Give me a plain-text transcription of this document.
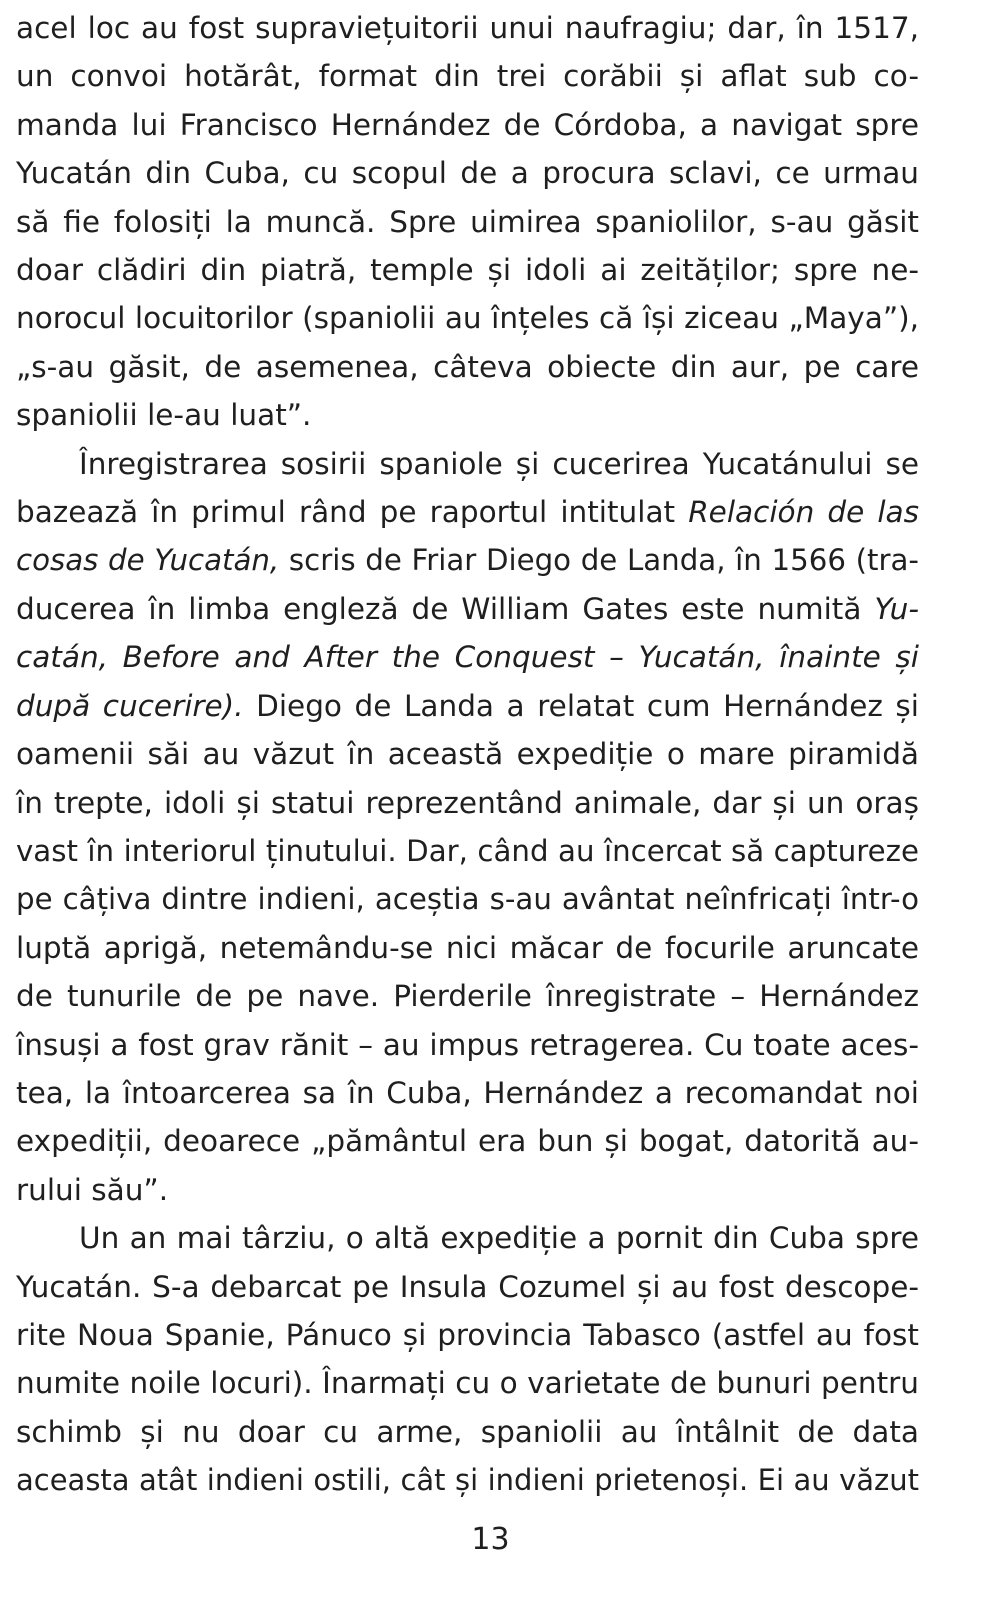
acel loc au fost supraviețuitorii unui naufragiu; dar, în 1517,
un convoi hotărât, format din trei corăbii și aflat sub co-
manda lui Francisco Hernández de Córdoba, a navigat spre
Yucatán din Cuba, cu scopul de a procura sclavi, ce urmau
să fie folosiți la muncă. Spre uimirea spaniolilor, s-au găsit
doar clădiri din piatră, temple și idoli ai zeităților; spre ne-
norocul locuitorilor (spaniolii au înțeles că își ziceau „Maya”),
„s-au găsit, de asemenea, câteva obiecte din aur, pe care
spaniolii le-au luat”.

Înregistrarea sosirii spaniole și cucerirea Yucatánului se
bazează în primul rând pe raportul intitulat Relación de las
cosas de Yucatán, scris de Friar Diego de Landa, în 1566 (tra-
ducerea în limba engleză de William Gates este numită Yu-
catán, Before and After the Conquest – Yucatán, înainte și
după cucerire). Diego de Landa a relatat cum Hernández și
oamenii săi au văzut în această expediție o mare piramidă
în trepte, idoli și statui reprezentând animale, dar și un oraș
vast în interiorul ținutului. Dar, când au încercat să captureze
pe câțiva dintre indieni, aceștia s-au avântat neînfricați într-o
luptă aprigă, netemându-se nici măcar de focurile aruncate
de tunurile de pe nave. Pierderile înregistrate – Hernández
însuși a fost grav rănit – au impus retragerea. Cu toate aces-
tea, la întoarcerea sa în Cuba, Hernández a recomandat noi
expediții, deoarece „pământul era bun și bogat, datorită au-
rului său”.

Un an mai târziu, o altă expediție a pornit din Cuba spre
Yucatán. S-a debarcat pe Insula Cozumel și au fost descope-
rite Noua Spanie, Pánuco și provincia Tabasco (astfel au fost
numite noile locuri). Înarmați cu o varietate de bunuri pentru
schimb și nu doar cu arme, spaniolii au întâlnit de data
aceasta atât indieni ostili, cât și indieni prietenoși. Ei au văzut

13
